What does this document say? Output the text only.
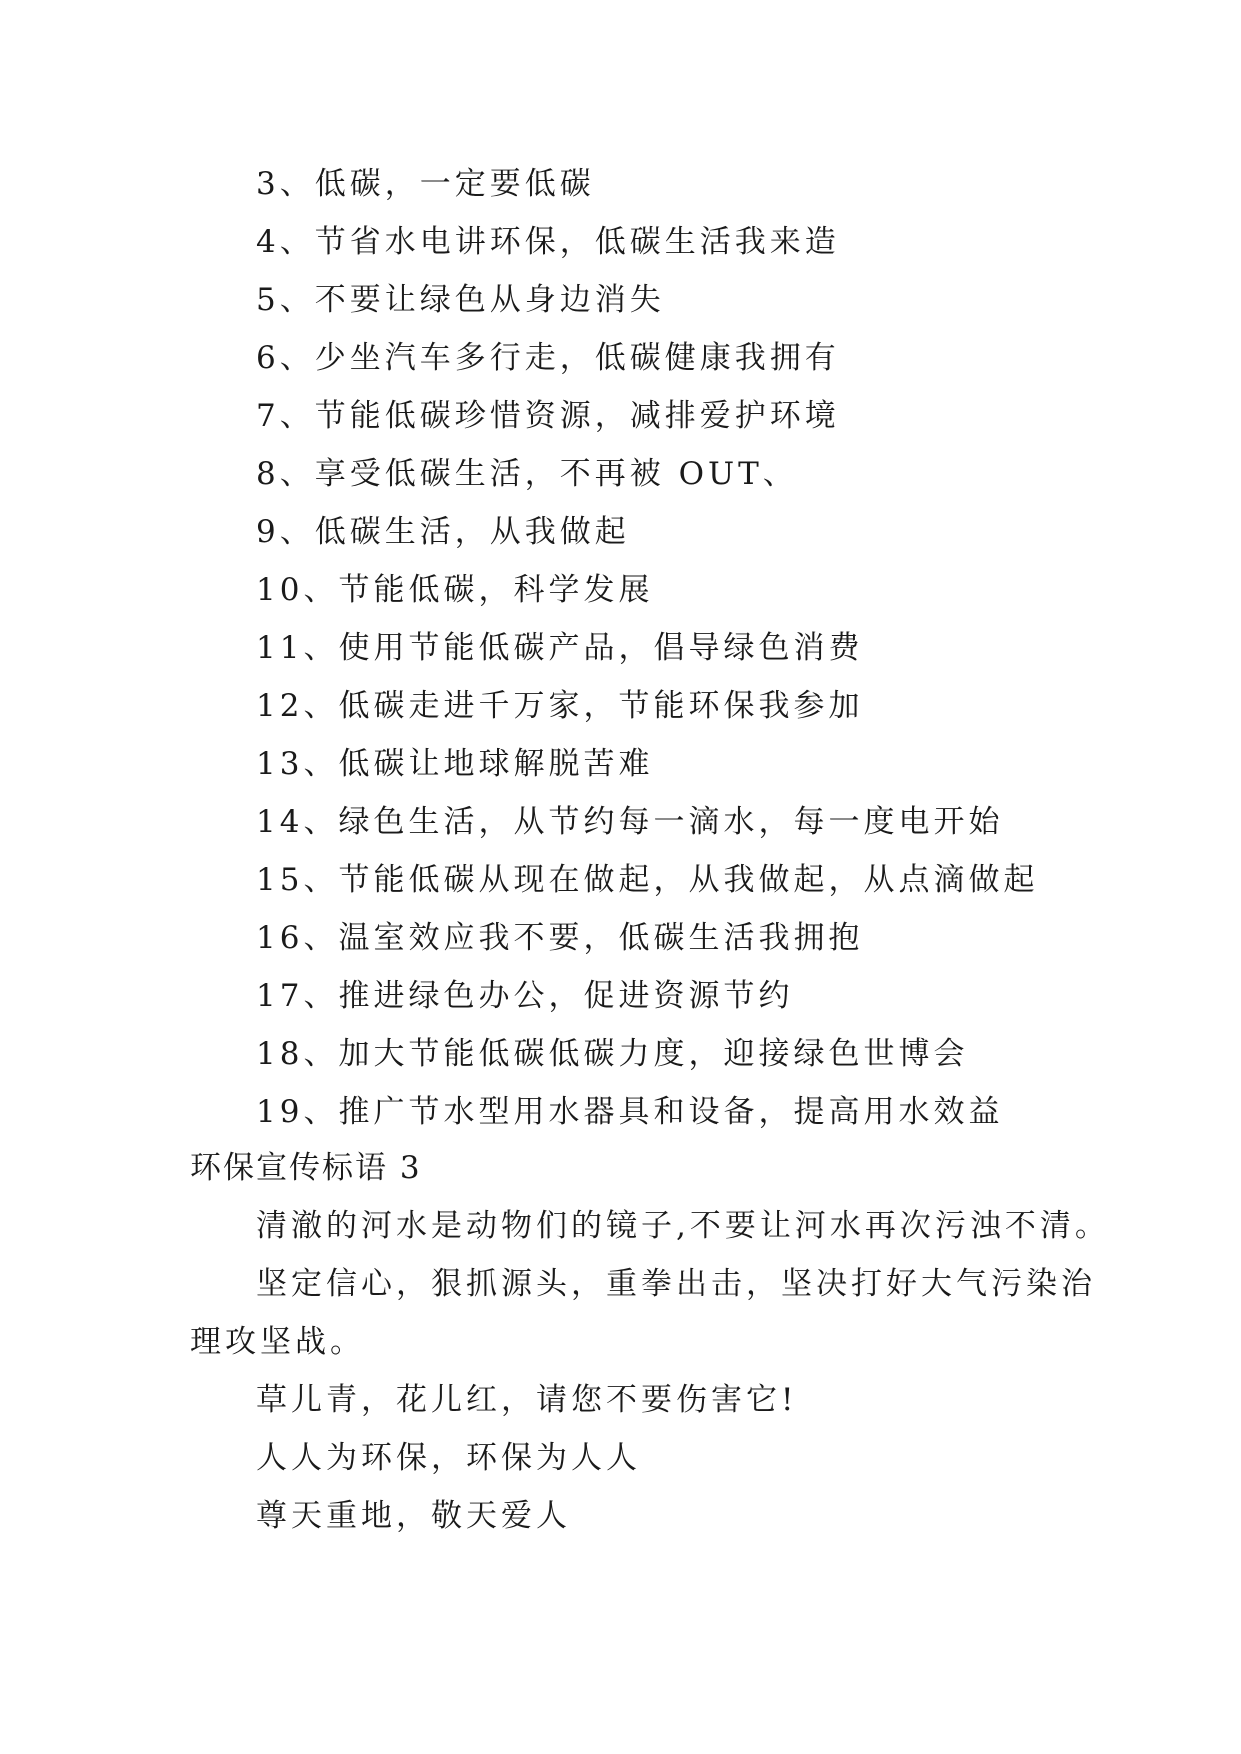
3、低碳，一定要低碳
4、节省水电讲环保，低碳生活我来造
5、不要让绿色从身边消失
6、少坐汽车多行走，低碳健康我拥有
7、节能低碳珍惜资源，减排爱护环境
8、享受低碳生活，不再被 OUT、
9、低碳生活，从我做起
10、节能低碳，科学发展
11、使用节能低碳产品，倡导绿色消费
12、低碳走进千万家，节能环保我参加
13、低碳让地球解脱苦难
14、绿色生活，从节约每一滴水，每一度电开始
15、节能低碳从现在做起，从我做起，从点滴做起
16、温室效应我不要，低碳生活我拥抱
17、推进绿色办公，促进资源节约
18、加大节能低碳低碳力度，迎接绿色世博会
19、推广节水型用水器具和设备，提高用水效益
环保宣传标语 3
清澈的河水是动物们的镜子,不要让河水再次污浊不清。
坚定信心，狠抓源头，重拳出击，坚决打好大气污染治
理攻坚战。
草儿青，花儿红，请您不要伤害它!
人人为环保，环保为人人
尊天重地，敬天爱人
